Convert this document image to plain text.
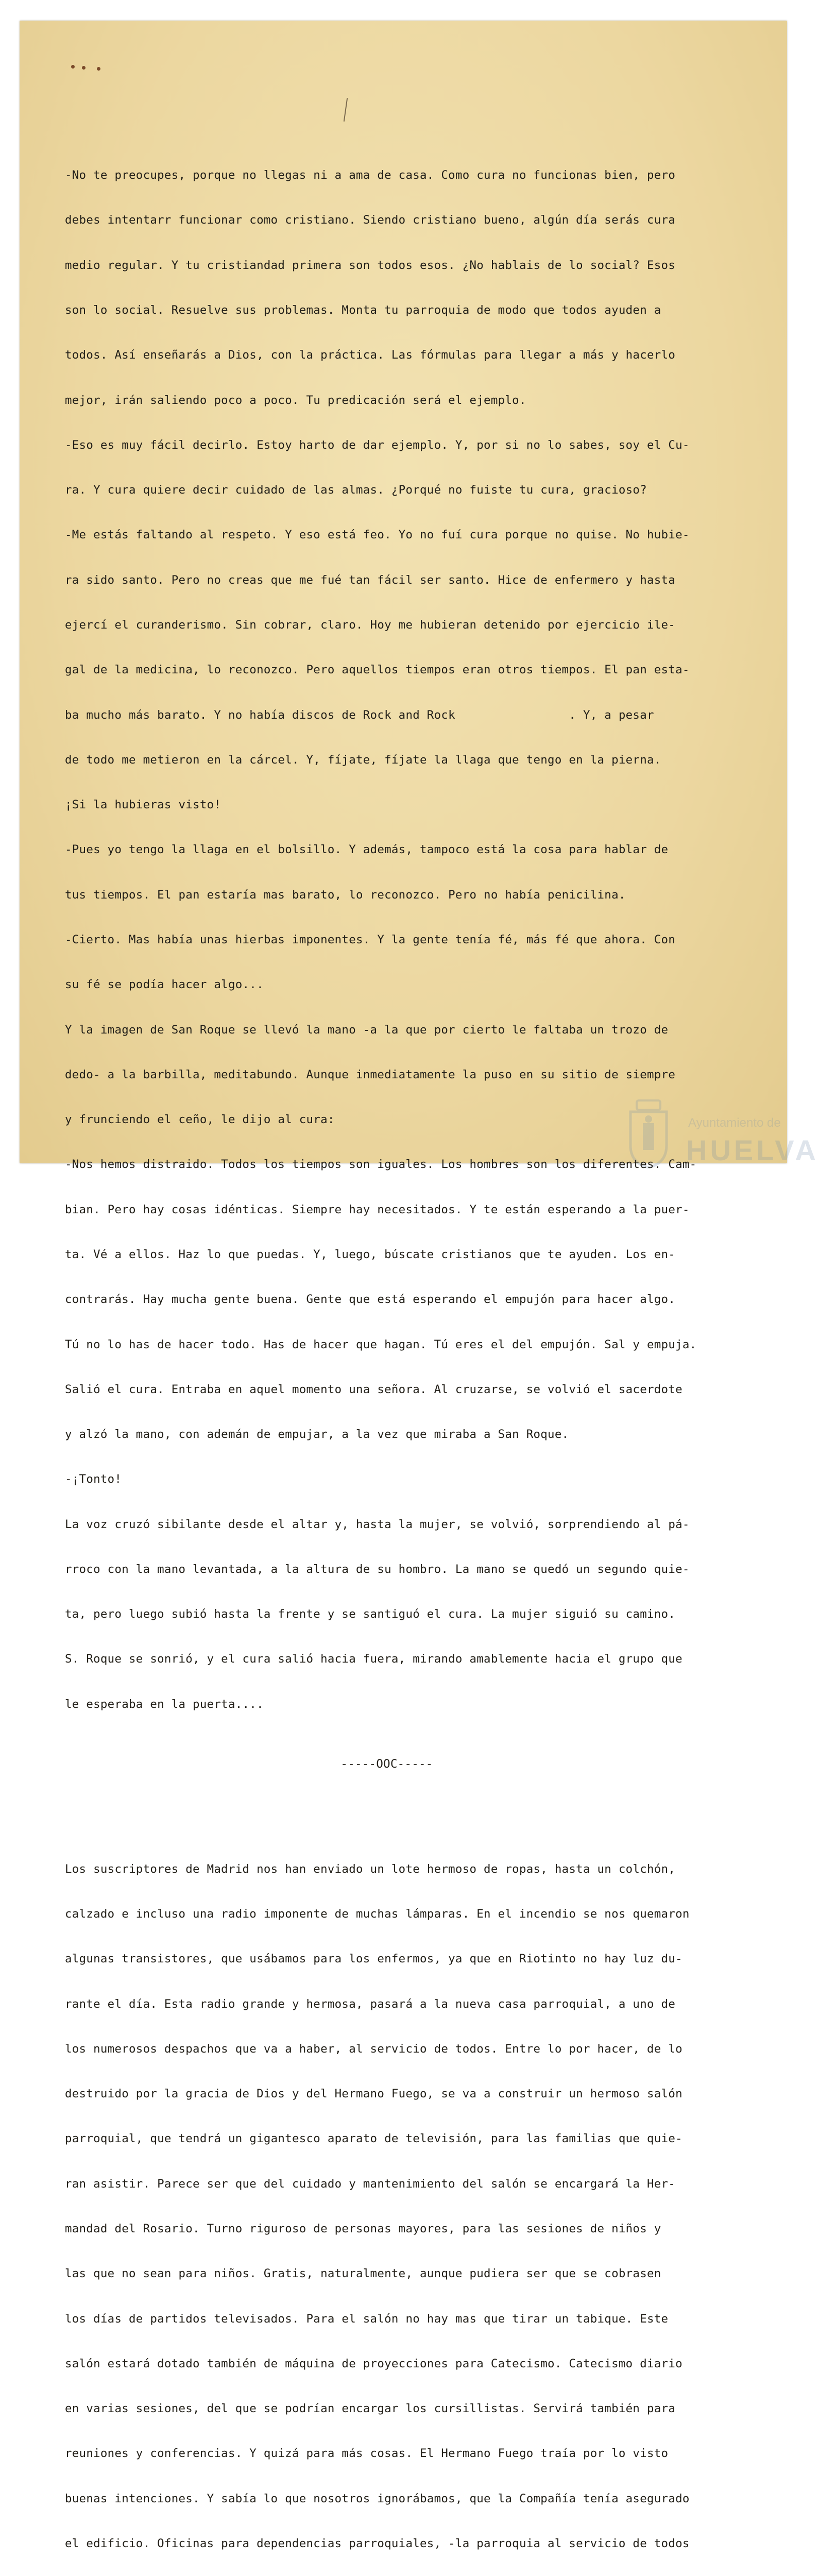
Ayuntamiento de
HUELVA

-No te preocupes, porque no llegas ni a ama de casa. Como cura no funcionas bien, pero

debes intentarr funcionar como cristiano. Siendo cristiano bueno, algún día serás cura

medio regular. Y tu cristiandad primera son todos esos. ¿No hablais de lo social? Esos

son lo social. Resuelve sus problemas. Monta tu parroquia de modo que todos ayuden a

todos. Así enseñarás a Dios, con la práctica. Las fórmulas para llegar a más y hacerlo

mejor, irán saliendo poco a poco. Tu predicación será el ejemplo.

-Eso es muy fácil decirlo. Estoy harto de dar ejemplo. Y, por si no lo sabes, soy el Cu-

ra. Y cura quiere decir cuidado de las almas. ¿Porqué no fuiste tu cura, gracioso?

-Me estás faltando al respeto. Y eso está feo. Yo no fuí cura porque no quise. No hubie-

ra sido santo. Pero no creas que me fué tan fácil ser santo. Hice de enfermero y hasta

ejercí el curanderismo. Sin cobrar, claro. Hoy me hubieran detenido por ejercicio ile-

gal de la medicina, lo reconozco. Pero aquellos tiempos eran otros tiempos. El pan esta-

ba mucho más barato. Y no había discos de Rock and Rock                . Y, a pesar

de todo me metieron en la cárcel. Y, fíjate, fíjate la llaga que tengo en la pierna.

¡Si la hubieras visto!

-Pues yo tengo la llaga en el bolsillo. Y además, tampoco está la cosa para hablar de

tus tiempos. El pan estaría mas barato, lo reconozco. Pero no había penicilina.

-Cierto. Mas había unas hierbas imponentes. Y la gente tenía fé, más fé que ahora. Con

su fé se podía hacer algo...

Y la imagen de San Roque se llevó la mano -a la que por cierto le faltaba un trozo de

dedo- a la barbilla, meditabundo. Aunque inmediatamente la puso en su sitio de siempre

y frunciendo el ceño, le dijo al cura:

-Nos hemos distraido. Todos los tiempos son iguales. Los hombres son los diferentes. Cam-

bian. Pero hay cosas idénticas. Siempre hay necesitados. Y te están esperando a la puer-

ta. Vé a ellos. Haz lo que puedas. Y, luego, búscate cristianos que te ayuden. Los en-

contrarás. Hay mucha gente buena. Gente que está esperando el empujón para hacer algo.

Tú no lo has de hacer todo. Has de hacer que hagan. Tú eres el del empujón. Sal y empuja.

Salió el cura. Entraba en aquel momento una señora. Al cruzarse, se volvió el sacerdote

y alzó la mano, con ademán de empujar, a la vez que miraba a San Roque.

-¡Tonto!

La voz cruzó sibilante desde el altar y, hasta la mujer, se volvió, sorprendiendo al pá-

rroco con la mano levantada, a la altura de su hombro. La mano se quedó un segundo quie-

ta, pero luego subió hasta la frente y se santiguó el cura. La mujer siguió su camino.

S. Roque se sonrió, y el cura salió hacia fuera, mirando amablemente hacia el grupo que

le esperaba en la puerta....

-----OOC-----

Los suscriptores de Madrid nos han enviado un lote hermoso de ropas, hasta un colchón,

calzado e incluso una radio imponente de muchas lámparas. En el incendio se nos quemaron

algunas transistores, que usábamos para los enfermos, ya que en Riotinto no hay luz du-

rante el día. Esta radio grande y hermosa, pasará a la nueva casa parroquial, a uno de

los numerosos despachos que va a haber, al servicio de todos. Entre lo por hacer, de lo

destruido por la gracia de Dios y del Hermano Fuego, se va a construir un hermoso salón

parroquial, que tendrá un gigantesco aparato de televisión, para las familias que quie-

ran asistir. Parece ser que del cuidado y mantenimiento del salón se encargará la Her-

mandad del Rosario. Turno riguroso de personas mayores, para las sesiones de niños y

las que no sean para niños. Gratis, naturalmente, aunque pudiera ser que se cobrasen

los días de partidos televisados. Para el salón no hay mas que tirar un tabique. Este

salón estará dotado también de máquina de proyecciones para Catecismo. Catecismo diario

en varias sesiones, del que se podrían encargar los cursillistas. Servirá también para

reuniones y conferencias. Y quizá para más cosas. El Hermano Fuego traía por lo visto

buenas intenciones. Y sabía lo que nosotros ignorábamos, que la Compañía tenía asegurado

el edificio. Oficinas para dependencias parroquiales, -la parroquia al servicio de todos
